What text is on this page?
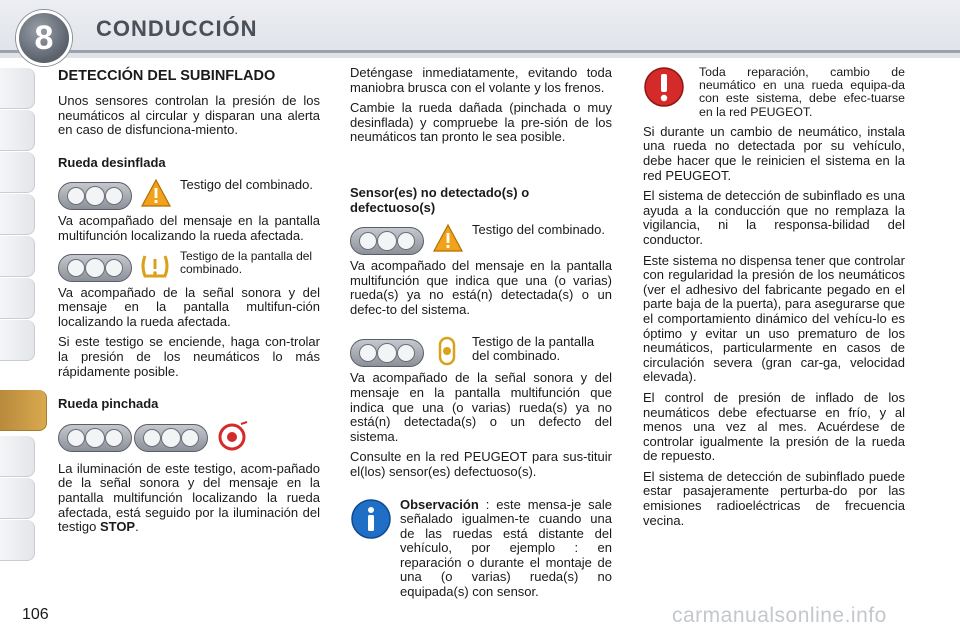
8	CONDUCCIÓN
DETECCIÓN DEL SUBINFLADO

Unos sensores controlan la presión de los neumáticos al circular y disparan una alerta en caso de disfunciona-miento.

Rueda desinflada
Testigo del combinado.

Va acompañado del mensaje en la pantalla multifunción localizando la rueda afectada.

Testigo de la pantalla del combinado.

Va acompañado de la señal sonora y del mensaje en la pantalla multifun-ción localizando la rueda afectada.

Si este testigo se enciende, haga con-trolar la presión de los neumáticos lo más rápidamente posible.

Rueda pinchada

La iluminación de este testigo, acom-pañado de la señal sonora y del mensaje en la pantalla multifunción localizando la rueda afectada, está seguido por la iluminación del testigo STOP.

Deténgase inmediatamente, evitando toda maniobra brusca con el volante y los frenos.

Cambie la rueda dañada (pinchada o muy desinflada) y compruebe la pre-sión de los neumáticos tan pronto le sea posible.

Sensor(es) no detectado(s) o defectuoso(s)
Testigo del combinado.

Va acompañado del mensaje en la pantalla multifunción que indica que una (o varias) rueda(s) ya no está(n) detectada(s) o un defec-to del sistema.

Testigo de la pantalla del combinado.

Va acompañado de la señal sonora y del mensaje en la pantalla multifunción que indica que una (o varias) rueda(s) ya no está(n) detectada(s) o un defecto del sistema.

Consulte en la red PEUGEOT para sus-tituir el(los) sensor(es) defectuoso(s).

Observación : este mensa-je sale señalado igualmen-te cuando una de las ruedas está distante del vehículo, por ejemplo : en reparación o durante el montaje de una (o varias) rueda(s) no equipada(s) con sensor.
Toda reparación, cambio de neumático en una rueda equipa-da con este sistema, debe efec-tuarse en la red PEUGEOT.

Si durante un cambio de neumático, instala una rueda no detectada por su vehículo, debe hacer que le reinicien el sistema en la red PEUGEOT.

El sistema de detección de subinflado es una ayuda a la conducción que no remplaza la vigilancia, ni la responsa-bilidad del conductor.

Este sistema no dispensa tener que controlar con regularidad la presión de los neumáticos (ver el adhesivo del fabricante pegado en el parte baja de la puerta), para asegurarse que el comportamiento dinámico del vehícu-lo es óptimo y evitar un uso prematuro de los neumáticos, particularmente en casos de circulación severa (gran car-ga, velocidad elevada).

El control de presión de inflado de los neumáticos debe efectuarse en frío, y al menos una vez al mes. Acuérdese de controlar igualmente la presión de la rueda de repuesto.

El sistema de detección de subinflado puede estar pasajeramente perturba-do por las emisiones radioeléctricas de frecuencia vecina.

106	carmanualsonline.info
